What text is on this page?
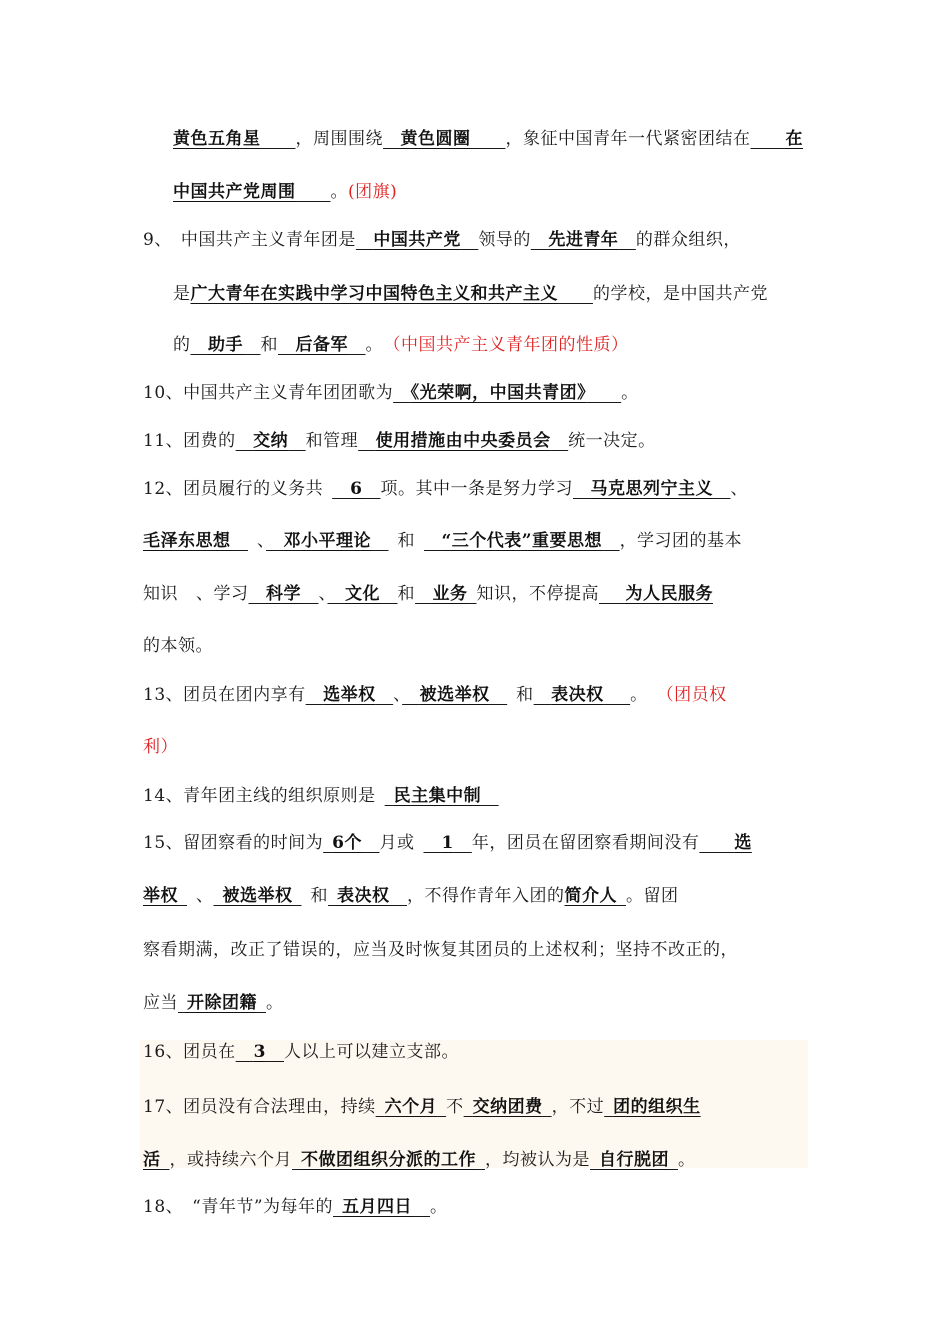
黄色五角星　　 ，周围围绕　 黄色圆圈　　 ，象征中国青年一代紧密团结在　　 在
中国共产党周围　　 。(团旗)
9、  中国共产主义青年团是　 中国共产党　 领导的　 先进青年　 的群众组织，
是广大青年在实践中学习中国特色主义和共产主义　　 的学校，是中国共产党
的　 助手　 和　 后备军　 。　 （中国共产主义青年团的性质）
10、中国共产主义青年团团歌为　 《光荣啊，中国共青团》　　 。
11、团费的　 交纳　 和管理　 使用措施由中央委员会　 统一决定。
12、团员履行的义务共    6   项。其中一条是努力学习　 马克思列宁主义　 、
毛泽东思想　  、　 邓小平理论　  和 　 “三个代表”重要思想　 ，学习团的基本
知识   、学习　 科学　 、　 文化　 和　 业务  知识，不停提高　  为人民服务
的本领。
13、团员在团内享有　 选举权　 、　 被选举权　  和　 表决权　  。  （团员权
利）
14、青年团主线的组织原则是   民主集中制　
15、留团察看的时间为  6个　 月或    1   年，团员在留团察看期间没有　　 选
举权   、  被选举权   和  表决权　 ，不得作青年入团的简介人  。留团
察看期满，改正了错误的，应当及时恢复其团员的上述权利；坚持不改正的，
应当  开除团籍  。
16、团员在   3   人以上可以建立支部。
17、团员没有合法理由，持续  六个月  不  交纳团费  ，不过  团的组织生
活  ，或持续六个月  不做团组织分派的工作  ，均被认为是  自行脱团  。
18、  “青年节”为每年的  五月四日   。
